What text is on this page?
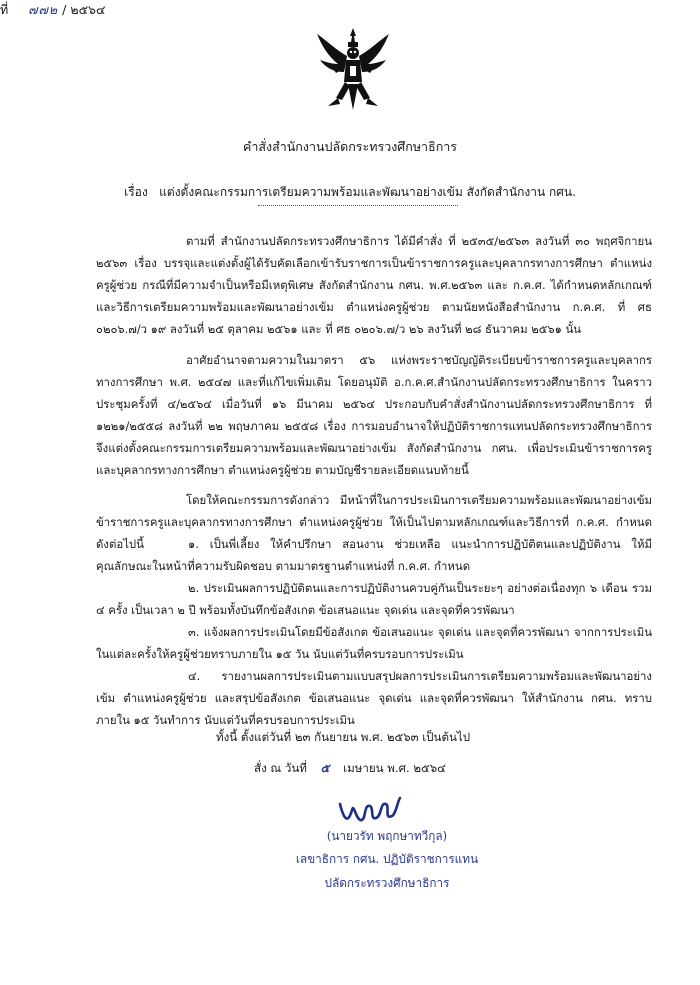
คำสั่งสำนักงานปลัดกระทรวงศึกษาธิการ
ที่ ๗๗๒ / ๒๕๖๔
เรื่อง แต่งตั้งคณะกรรมการเตรียมความพร้อมและพัฒนาอย่างเข้ม สังกัดสำนักงาน กศน.

ตามที่ สำนักงานปลัดกระทรวงศึกษาธิการ ได้มีคำสั่ง ที่ ๒๕๓๕/๒๕๖๓ ลงวันที่ ๓๐ พฤศจิกายน ๒๕๖๓ เรื่อง บรรจุและแต่งตั้งผู้ได้รับคัดเลือกเข้ารับราชการเป็นข้าราชการครูและบุคลากรทางการศึกษา ตำแหน่งครูผู้ช่วย กรณีที่มีความจำเป็นหรือมีเหตุพิเศษ สังกัดสำนักงาน กศน. พ.ศ.๒๕๖๓ และ ก.ค.ศ. ได้กำหนดหลักเกณฑ์และวิธีการเตรียมความพร้อมและพัฒนาอย่างเข้ม ตำแหน่งครูผู้ช่วย ตามนัยหนังสือสำนักงาน ก.ค.ศ. ที่ ศธ ๐๒๐๖.๗/ว ๑๙ ลงวันที่ ๒๕ ตุลาคม ๒๕๖๑ และ ที่ ศธ ๐๒๐๖.๗/ว ๒๖ ลงวันที่ ๒๘ ธันวาคม ๒๕๖๑ นั้น

อาศัยอำนาจตามความในมาตรา ๕๖ แห่งพระราชบัญญัติระเบียบข้าราชการครูและบุคลากรทางการศึกษา พ.ศ. ๒๕๔๗ และที่แก้ไขเพิ่มเติม โดยอนุมัติ อ.ก.ค.ศ.สำนักงานปลัดกระทรวงศึกษาธิการ ในคราวประชุมครั้งที่ ๔/๒๕๖๔ เมื่อวันที่ ๑๖ มีนาคม ๒๕๖๔ ประกอบกับคำสั่งสำนักงานปลัดกระทรวงศึกษาธิการ ที่ ๑๒๒๑/๒๕๕๘ ลงวันที่ ๒๒ พฤษภาคม ๒๕๕๘ เรื่อง การมอบอำนาจให้ปฏิบัติราชการแทนปลัดกระทรวงศึกษาธิการ จึงแต่งตั้งคณะกรรมการเตรียมความพร้อมและพัฒนาอย่างเข้ม สังกัดสำนักงาน กศน. เพื่อประเมินข้าราชการครูและบุคลากรทางการศึกษา ตำแหน่งครูผู้ช่วย ตามบัญชีรายละเอียดแนบท้ายนี้

โดยให้คณะกรรมการดังกล่าว มีหน้าที่ในการประเมินการเตรียมความพร้อมและพัฒนาอย่างเข้มข้าราชการครูและบุคลากรทางการศึกษา ตำแหน่งครูผู้ช่วย ให้เป็นไปตามหลักเกณฑ์และวิธีการที่ ก.ค.ศ. กำหนด ดังต่อไปนี้	๑. เป็นพี่เลี้ยง ให้คำปรึกษา สอนงาน ช่วยเหลือ แนะนำการปฏิบัติตนและปฏิบัติงาน ให้มีคุณลักษณะในหน้าที่ความรับผิดชอบ ตามมาตรฐานตำแหน่งที่ ก.ค.ศ. กำหนด

๒. ประเมินผลการปฏิบัติตนและการปฏิบัติงานควบคู่กันเป็นระยะๆ อย่างต่อเนื่องทุก ๖ เดือน รวม ๔ ครั้ง เป็นเวลา ๒ ปี พร้อมทั้งบันทึกข้อสังเกต ข้อเสนอแนะ จุดเด่น และจุดที่ควรพัฒนา

๓. แจ้งผลการประเมินโดยมีข้อสังเกต ข้อเสนอแนะ จุดเด่น และจุดที่ควรพัฒนา จากการประเมินในแต่ละครั้งให้ครูผู้ช่วยทราบภายใน ๑๕ วัน นับแต่วันที่ครบรอบการประเมิน

๔. รายงานผลการประเมินตามแบบสรุปผลการประเมินการเตรียมความพร้อมและพัฒนาอย่างเข้ม ตำแหน่งครูผู้ช่วย และสรุปข้อสังเกต ข้อเสนอแนะ จุดเด่น และจุดที่ควรพัฒนา ให้สำนักงาน กศน. ทราบ ภายใน ๑๕ วันทำการ นับแต่วันที่ครบรอบการประเมิน

ทั้งนี้ ตั้งแต่วันที่ ๒๓ กันยายน พ.ศ. ๒๕๖๓ เป็นต้นไป
สั่ง ณ วันที่ ๕ เมษายน พ.ศ. ๒๕๖๔
(นายวรัท พฤกษาทวีกุล)
เลขาธิการ กศน. ปฏิบัติราชการแทน
ปลัดกระทรวงศึกษาธิการ
